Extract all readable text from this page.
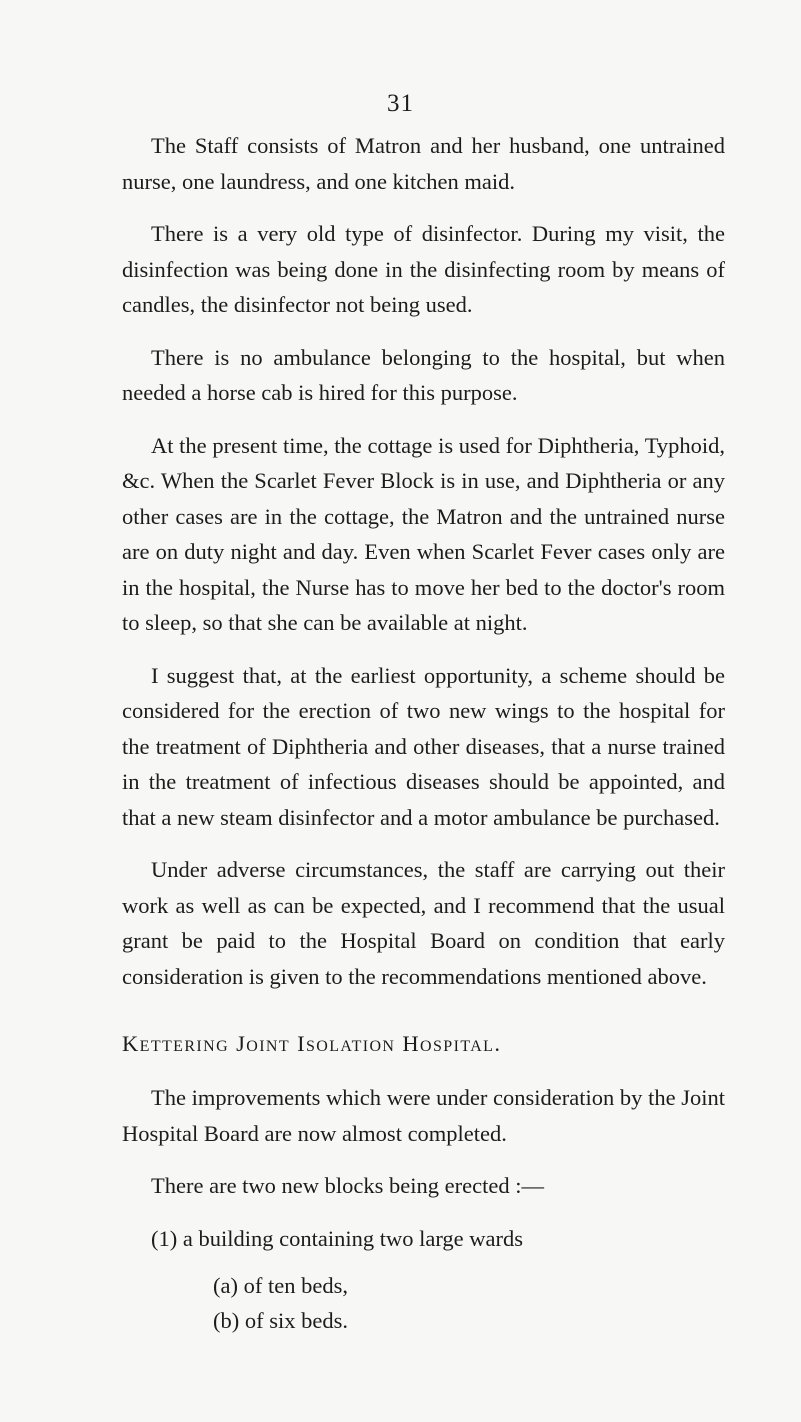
31

The Staff consists of Matron and her husband, one untrained nurse, one laundress, and one kitchen maid.

There is a very old type of disinfector. During my visit, the disinfection was being done in the disinfecting room by means of candles, the disinfector not being used.

There is no ambulance belonging to the hospital, but when needed a horse cab is hired for this purpose.

At the present time, the cottage is used for Diphtheria, Typhoid, &c. When the Scarlet Fever Block is in use, and Diphtheria or any other cases are in the cottage, the Matron and the untrained nurse are on duty night and day. Even when Scarlet Fever cases only are in the hospital, the Nurse has to move her bed to the doctor's room to sleep, so that she can be available at night.

I suggest that, at the earliest opportunity, a scheme should be considered for the erection of two new wings to the hospital for the treatment of Diphtheria and other diseases, that a nurse trained in the treatment of infectious diseases should be appointed, and that a new steam disinfector and a motor ambulance be purchased.

Under adverse circumstances, the staff are carrying out their work as well as can be expected, and I recommend that the usual grant be paid to the Hospital Board on condition that early consideration is given to the recommendations mentioned above.

Kettering Joint Isolation Hospital.

The improvements which were under consideration by the Joint Hospital Board are now almost completed.

There are two new blocks being erected :—

(1) a building containing two large wards
(a) of ten beds,
(b) of six beds.
